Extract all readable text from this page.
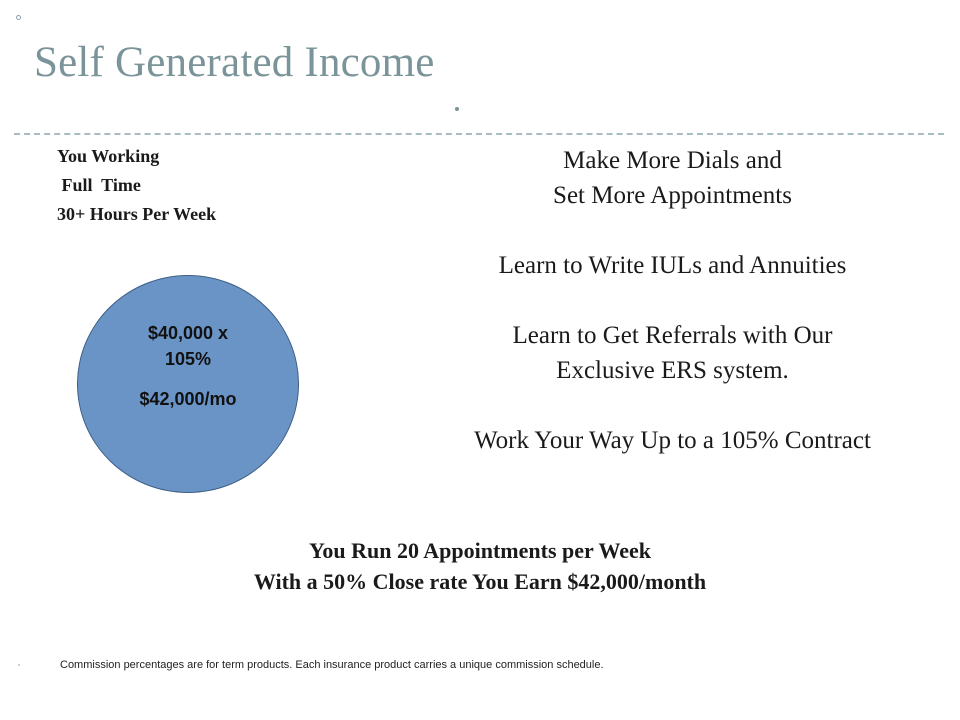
Self Generated Income
You Working
Full  Time
30+ Hours Per Week
$40,000 x
105%
$42,000/mo
Make More Dials and
Set More Appointments
Learn to Write IULs and Annuities
Learn to Get Referrals with Our
Exclusive ERS system.
Work Your Way Up to a 105% Contract
You Run 20 Appointments per Week
With a 50% Close rate You Earn $42,000/month
Commission percentages are for term products. Each insurance product carries a unique commission schedule.
